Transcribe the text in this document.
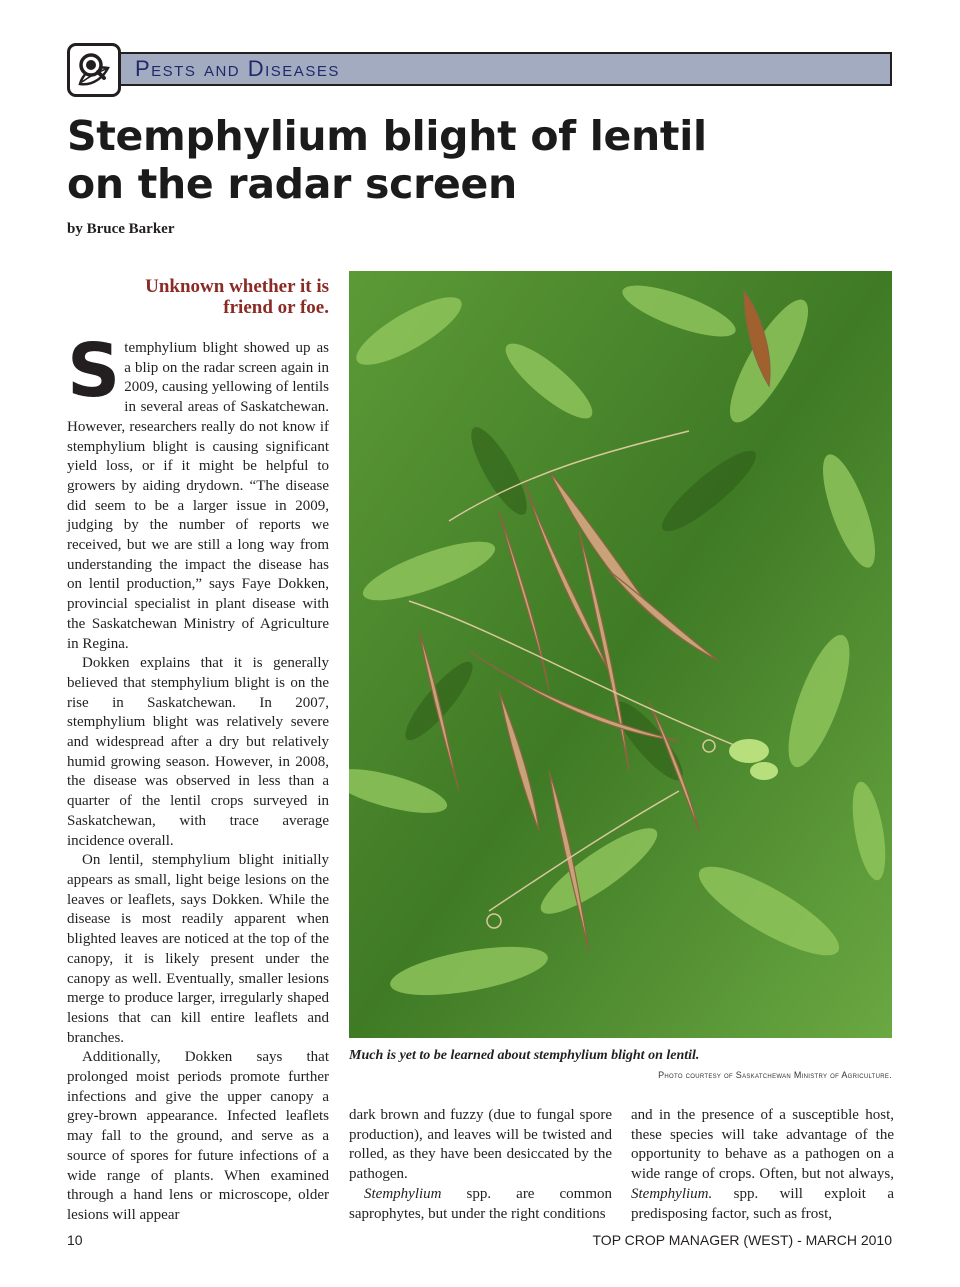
Pests and Diseases
Stemphylium blight of lentil
on the radar screen
by Bruce Barker
Unknown whether it is
friend or foe.

Stemphylium blight showed up as a blip on the radar screen again in 2009, causing yellowing of lentils in several areas of Saskatchewan. However, researchers really do not know if stemphylium blight is causing significant yield loss, or if it might be helpful to growers by aiding drydown. “The disease did seem to be a larger issue in 2009, judging by the number of reports we received, but we are still a long way from understanding the impact the disease has on lentil production,” says Faye Dokken, provincial specialist in plant disease with the Saskatchewan Ministry of Agriculture in Regina.

Dokken explains that it is generally believed that stemphylium blight is on the rise in Saskatchewan. In 2007, stemphylium blight was relatively severe and widespread after a dry but relatively humid growing season. However, in 2008, the disease was observed in less than a quarter of the lentil crops surveyed in Saskatchewan, with trace average incidence overall.

On lentil, stemphylium blight initially appears as small, light beige lesions on the leaves or leaflets, says Dokken. While the disease is most readily apparent when blighted leaves are noticed at the top of the canopy, it is likely present under the canopy as well. Eventually, smaller lesions merge to produce larger, irregularly shaped lesions that can kill entire leaflets and branches.

Additionally, Dokken says that prolonged moist periods promote further infections and give the upper canopy a grey-brown appearance. Infected leaflets may fall to the ground, and serve as a source of spores for future infections of a wide range of plants. When examined through a hand lens or microscope, older lesions will appear

Much is yet to be learned about stemphylium blight on lentil.
Photo courtesy of Saskatchewan Ministry of Agriculture.

dark brown and fuzzy (due to fungal spore production), and leaves will be twisted and rolled, as they have been desiccated by the pathogen.

Stemphylium spp. are common saprophytes, but under the right conditions

and in the presence of a susceptible host, these species will take advantage of the opportunity to behave as a pathogen on a wide range of crops. Often, but not always, Stemphylium. spp. will exploit a predisposing factor, such as frost,

10	TOP CROP MANAGER (WEST) - MARCH 2010
